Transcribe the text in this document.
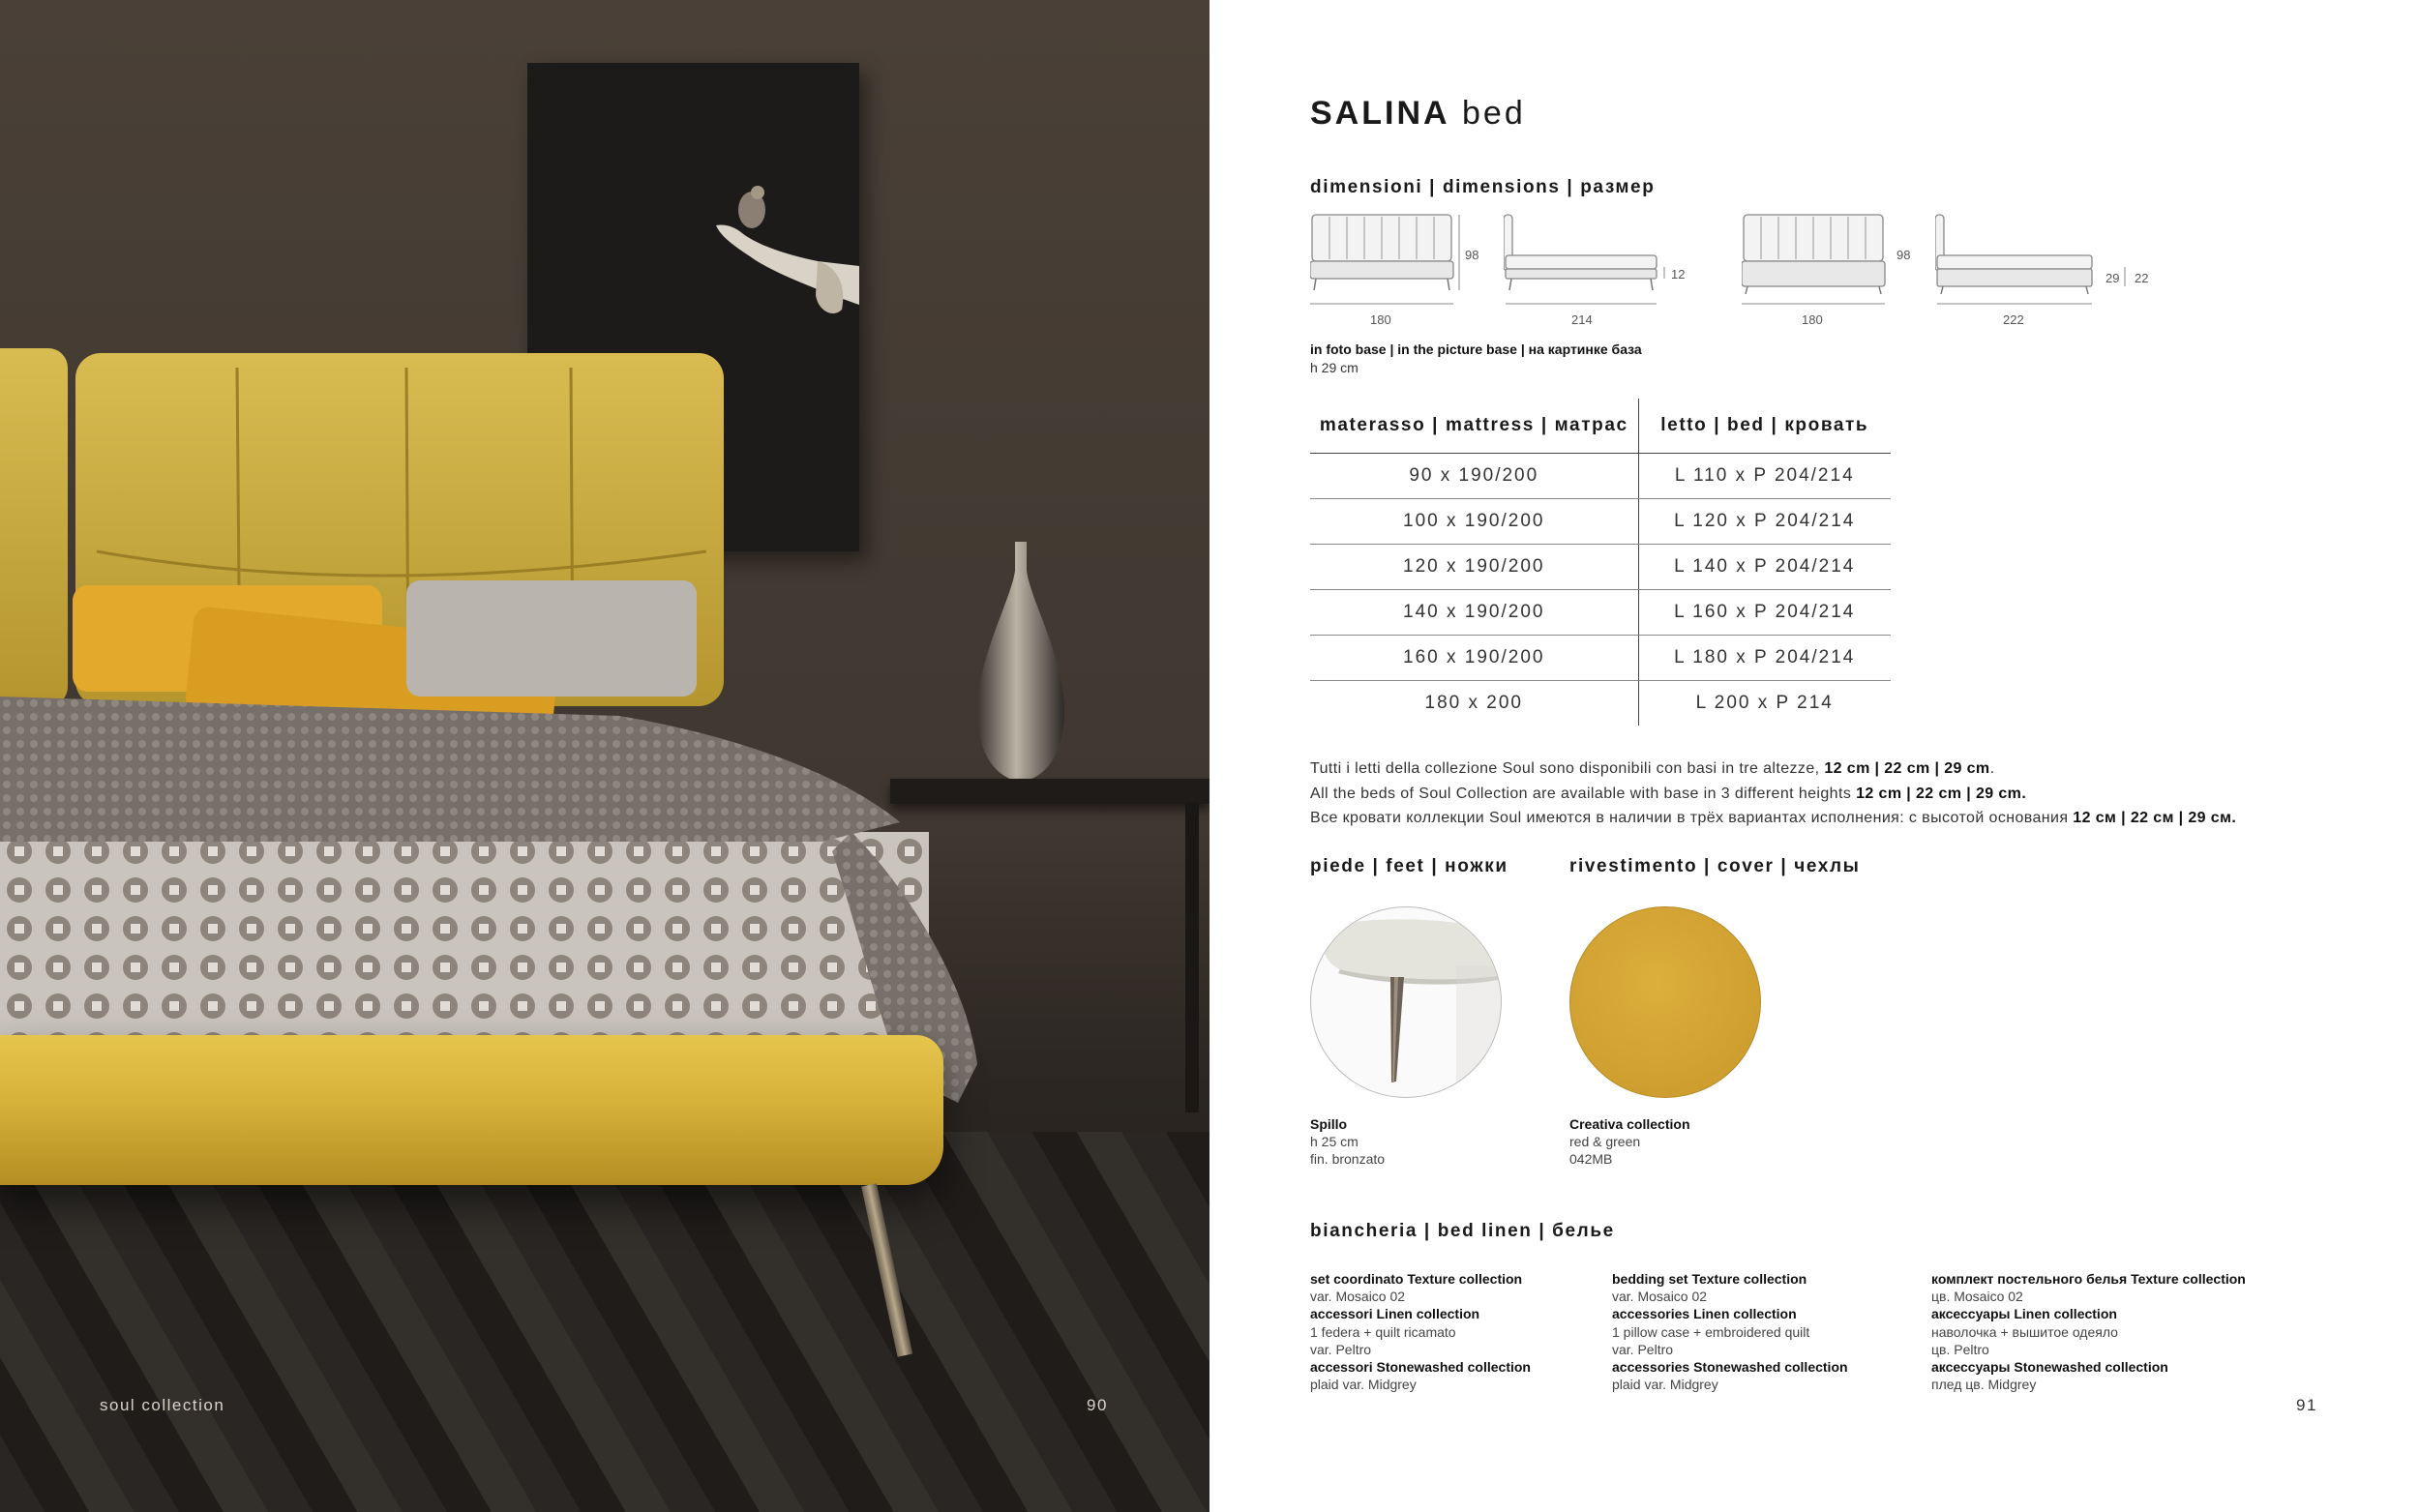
soul collection	90
SALINA bed
dimensioni | dimensions | размер
98
180
12
214
98
180
29 22
222
in foto base | in the picture base | на картинке база
h 29 cm
materasso | mattress | матрас	letto | bed | кровать
90 x 190/200	L 110 x P 204/214
100 x 190/200	L 120 x P 204/214
120 x 190/200	L 140 x P 204/214
140 x 190/200	L 160 x P 204/214
160 x 190/200	L 180 x P 204/214
180 x 200	L 200 x P 214
Tutti i letti della collezione Soul sono disponibili con basi in tre altezze, 12 cm | 22 cm | 29 cm.
All the beds of Soul Collection are available with base in 3 different heights 12 cm | 22 cm | 29 cm.
Все кровати коллекции Soul имеются в наличии в трёх вариантах исполнения: с высотой основания 12 см | 22 см | 29 см.
piede | feet | ножки	rivestimento | cover | чехлы
Spillo
h 25 cm
fin. bronzato
Creativa collection
red & green
042MB
biancheria | bed linen | белье
set coordinato Texture collection
var. Mosaico 02
accessori Linen collection
1 federa + quilt ricamato
var. Peltro
accessori Stonewashed collection
plaid var. Midgrey
bedding set Texture collection
var. Mosaico 02
accessories Linen collection
1 pillow case + embroidered quilt
var. Peltro
accessories Stonewashed collection
plaid var. Midgrey
комплект постельного белья Texture collection
цв. Mosaico 02
аксессуары Linen collection
наволочка + вышитое одеяло
цв. Peltro
аксессуары Stonewashed collection
плед цв. Midgrey
91
